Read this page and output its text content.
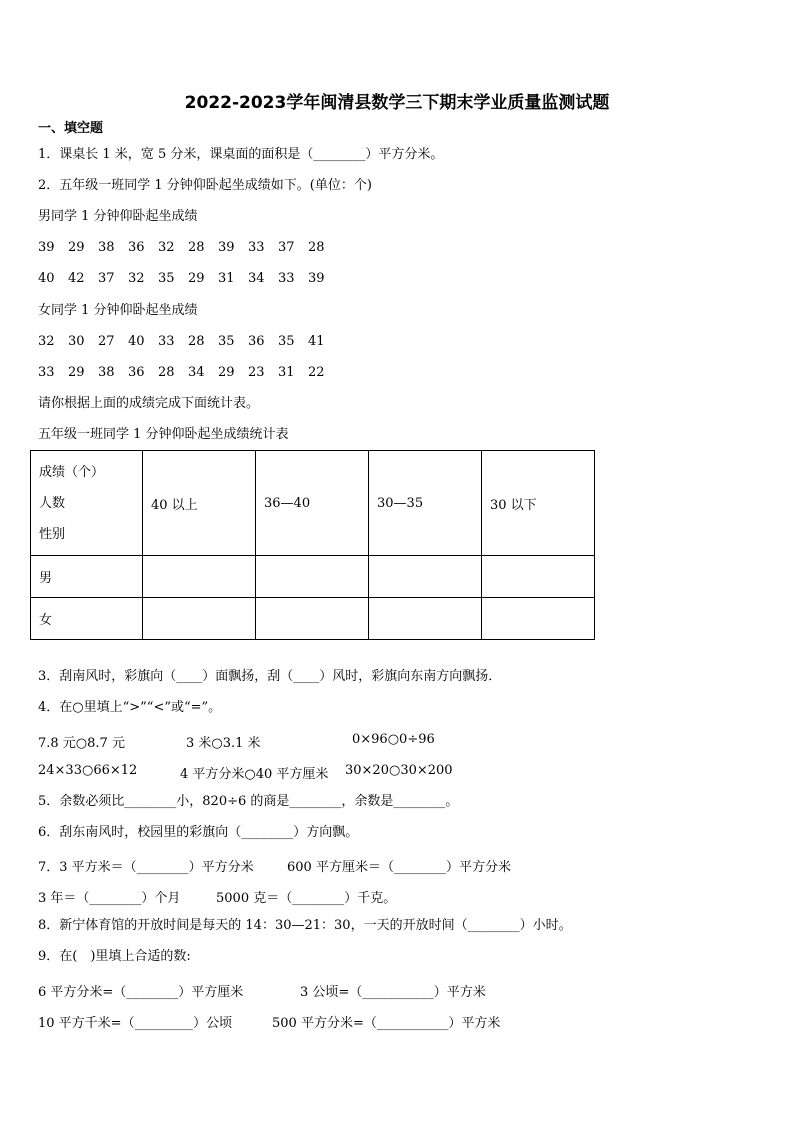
2022-2023学年闽清县数学三下期末学业质量监测试题
一、填空题
1．课桌长 1 米，宽 5 分米，课桌面的面积是（________）平方分米。
2．五年级一班同学 1 分钟仰卧起坐成绩如下。(单位：个)
男同学 1 分钟仰卧起坐成绩
39 29 38 36 32 28 39 33 37 28
40 42 37 32 35 29 31 34 33 39
女同学 1 分钟仰卧起坐成绩
32 30 27 40 33 28 35 36 35 41
33 29 38 36 28 34 29 23 31 22
请你根据上面的成绩完成下面统计表。
五年级一班同学 1 分钟仰卧起坐成绩统计表
成绩（个）
人数
性别	40 以上	36—40	30—35	30 以下
男				
女				
3．刮南风时，彩旗向（____）面飘扬，刮（____）风时，彩旗向东南方向飘扬．
4．在○里填上“>”“<”或“=”。
7.8 元○8.7 元	3 米○3.1 米	0×96○0÷96
24×33○66×12	4 平方分米○40 平方厘米 30×20○30×200
5．余数必须比________小，820÷6 的商是________，余数是________。
6．刮东南风时，校园里的彩旗向（________）方向飘。
7．3 平方米＝（________）平方分米	600 平方厘米＝（________）平方分米
3 年＝（________）个月	5000 克＝（________）千克。
8．新宁体育馆的开放时间是每天的 14：30—21：30，一天的开放时间（________）小时。
9．在(　)里填上合适的数:
6 平方分米=（________）平方厘米	3 公顷=（___________）平方米
10 平方千米=（_________）公顷	500 平方分米=（___________）平方米
